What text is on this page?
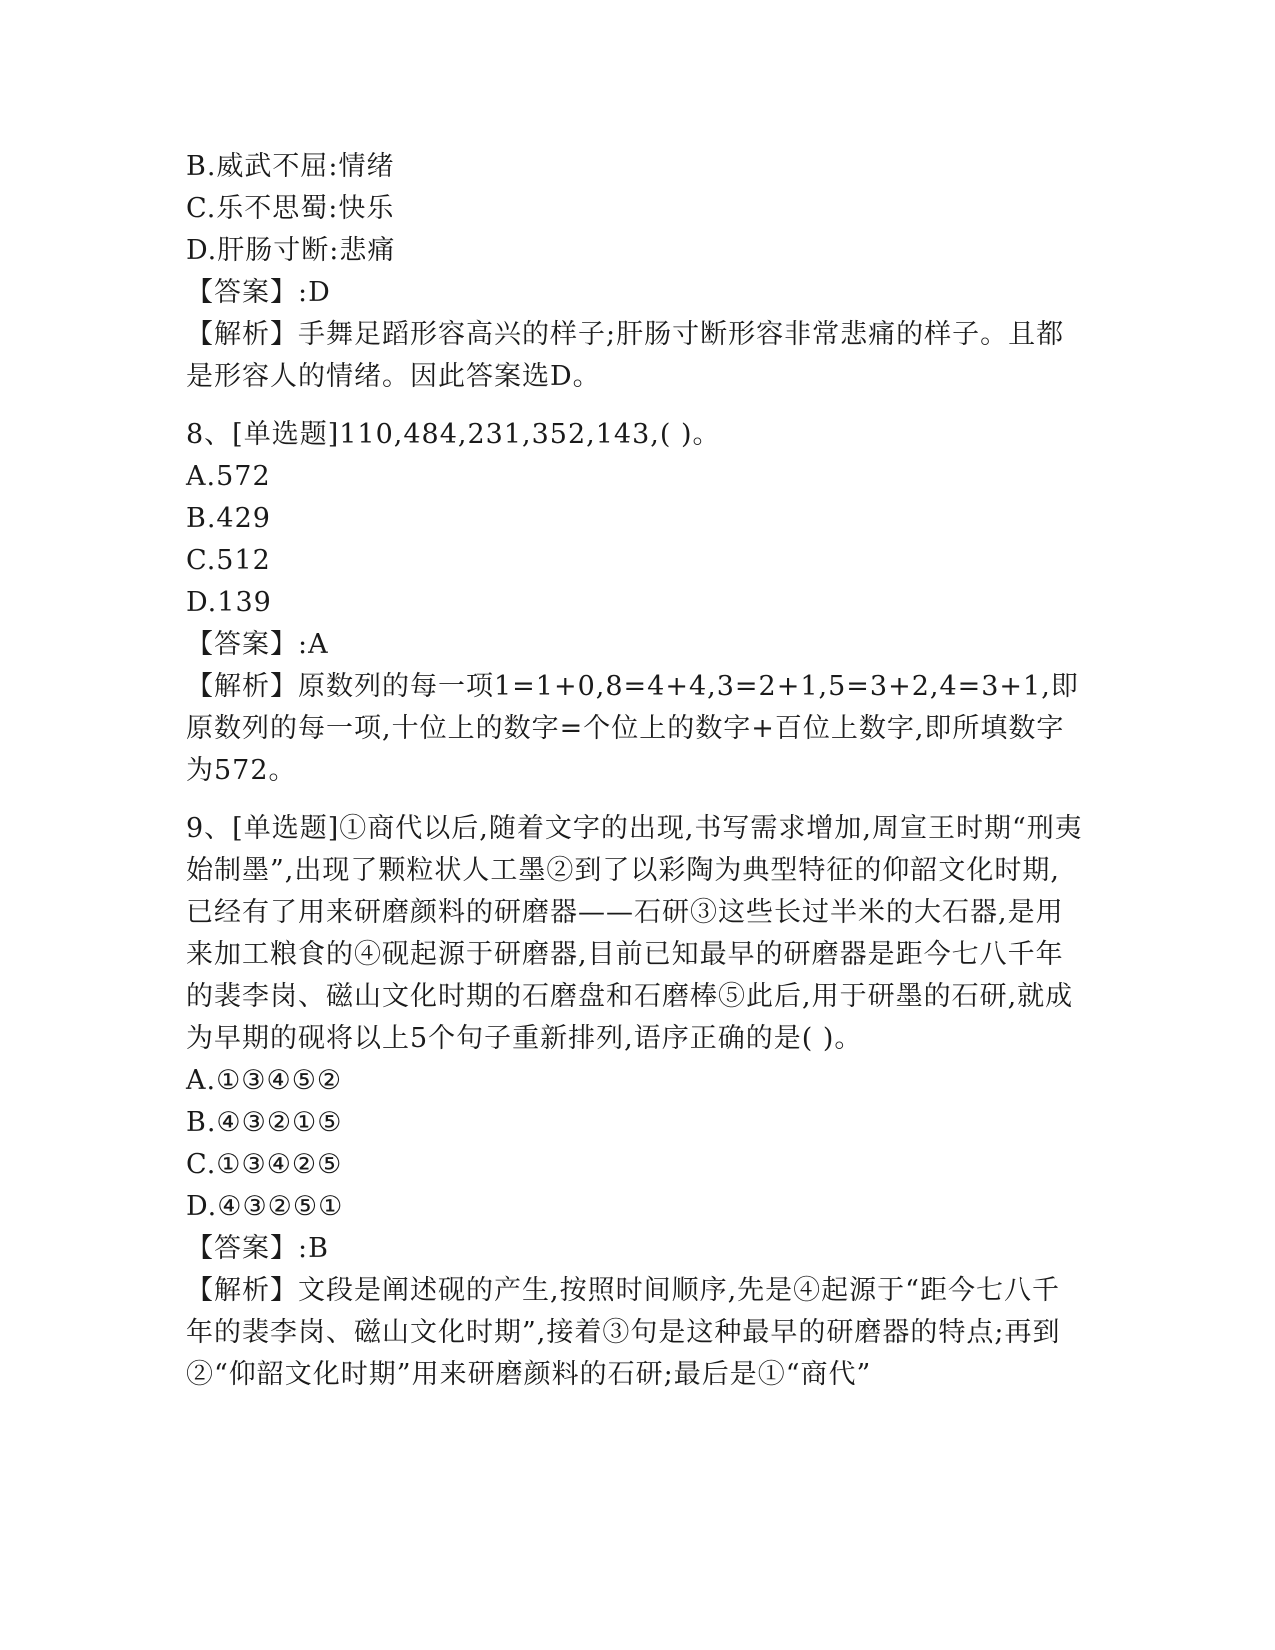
B.威武不屈:情绪
C.乐不思蜀:快乐
D.肝肠寸断:悲痛
【答案】:D
【解析】手舞足蹈形容高兴的样子;肝肠寸断形容非常悲痛的样子。且都是形容人的情绪。因此答案选D。
8、[单选题]110,484,231,352,143,( )。
A.572
B.429
C.512
D.139
【答案】:A
【解析】原数列的每一项1=1+0,8=4+4,3=2+1,5=3+2,4=3+1,即原数列的每一项,十位上的数字=个位上的数字+百位上数字,即所填数字为572。
9、[单选题]①商代以后,随着文字的出现,书写需求增加,周宣王时期“刑夷始制墨”,出现了颗粒状人工墨②到了以彩陶为典型特征的仰韶文化时期,已经有了用来研磨颜料的研磨器——石研③这些长过半米的大石器,是用来加工粮食的④砚起源于研磨器,目前已知最早的研磨器是距今七八千年的裴李岗、磁山文化时期的石磨盘和石磨棒⑤此后,用于研墨的石研,就成为早期的砚将以上5个句子重新排列,语序正确的是( )。
A.①③④⑤②
B.④③②①⑤
C.①③④②⑤
D.④③②⑤①
【答案】:B
【解析】文段是阐述砚的产生,按照时间顺序,先是④起源于“距今七八千年的裴李岗、磁山文化时期”,接着③句是这种最早的研磨器的特点;再到②“仰韶文化时期”用来研磨颜料的石研;最后是①“商代”
